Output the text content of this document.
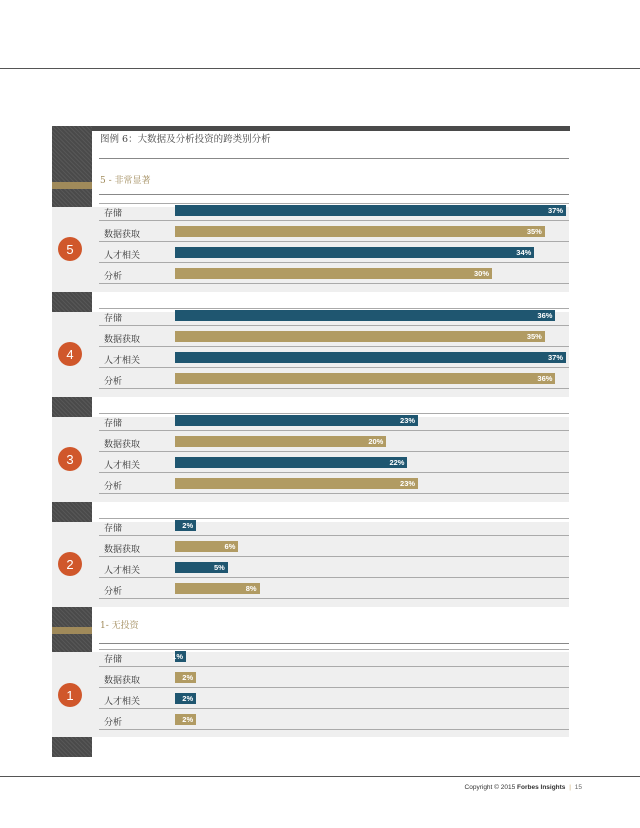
图例 6：大数据及分析投资的跨类别分析
5 - 非常显著
1- 无投资
5
存储	37%
数据获取	35%
人才相关	34%
分析	30%
4
存储	36%
数据获取	35%
人才相关	37%
分析	36%
3
存储	23%
数据获取	20%
人才相关	22%
分析	23%
2
存储	2%
数据获取	6%
人才相关	5%
分析	8%
1
存储	1%
数据获取	2%
人才相关	2%
分析	2%
Copyright © 2015 Forbes Insights | 15
